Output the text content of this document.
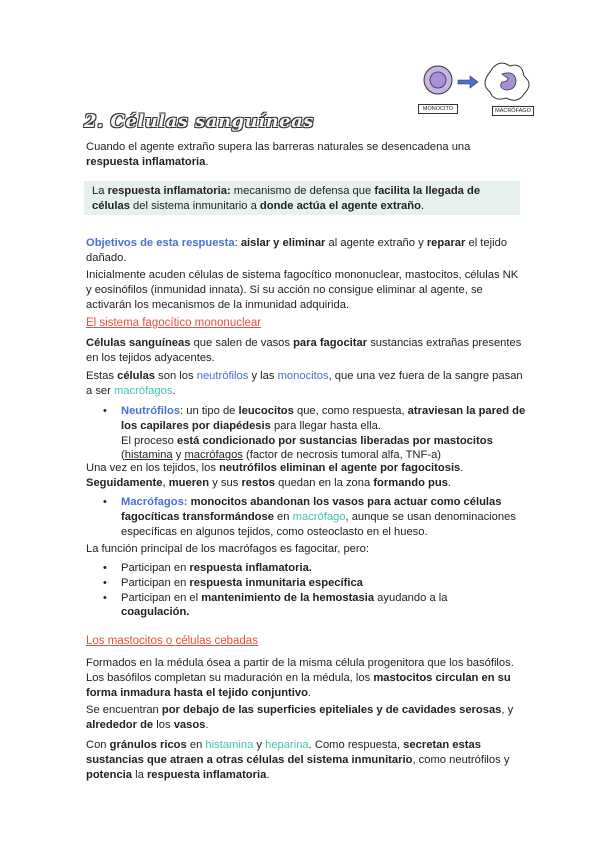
MONOCITO	MACRÓFAGO
2. Células sanguíneas
Cuando el agente extraño supera las barreras naturales se desencadena una respuesta inflamatoria.
La respuesta inflamatoria: mecanismo de defensa que facilita la llegada de células del sistema inmunitario a donde actúa el agente extraño.
Objetivos de esta respuesta: aislar y eliminar al agente extraño y reparar el tejido dañado.
Inicialmente acuden células de sistema fagocítico mononuclear, mastocitos, células NK y eosinófilos (inmunidad innata). Si su acción no consigue eliminar al agente, se activarán los mecanismos de la inmunidad adquirida.
El sistema fagocítico mononuclear
Células sanguíneas que salen de vasos para fagocitar sustancias extrañas presentes en los tejidos adyacentes.
Estas células son los neutrófilos y las monocitos, que una vez fuera de la sangre pasan a ser macrófagos.
• Neutrófilos: un tipo de leucocitos que, como respuesta, atraviesan la pared de los capilares por diapédesis para llegar hasta ella.
El proceso está condicionado por sustancias liberadas por mastocitos
(histamina y macrófagos (factor de necrosis tumoral alfa, TNF-a)
Una vez en los tejidos, los neutrófilos eliminan el agente por fagocitosis. Seguidamente, mueren y sus restos quedan en la zona formando pus.
• Macrófagos: monocitos abandonan los vasos para actuar como células fagocíticas transformándose en macrófago, aunque se usan denominaciones específicas en algunos tejidos, como osteoclasto en el hueso.
La función principal de los macrófagos es fagocitar, pero:
• Participan en respuesta inflamatoria.
• Participan en respuesta inmunitaria específica
• Participan en el mantenimiento de la hemostasia ayudando a la
coagulación.
Los mastocitos o células cebadas
Formados en la médula ósea a partir de la misma célula progenitora que los basófilos. Los basófilos completan su maduración en la médula, los mastocitos circulan en su forma inmadura hasta el tejido conjuntivo.
Se encuentran por debajo de las superficies epiteliales y de cavidades serosas, y alrededor de los vasos.
Con gránulos ricos en histamina y heparina. Como respuesta, secretan estas sustancias que atraen a otras células del sistema inmunitario, como neutrófilos y potencia la respuesta inflamatoria.
